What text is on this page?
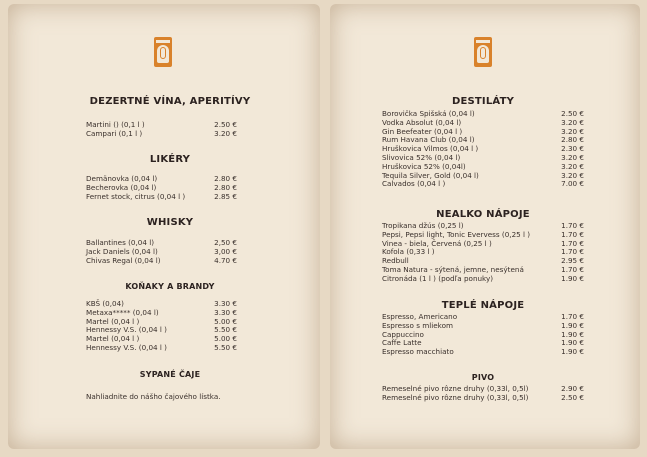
DEZERTNÉ VÍNA, APERITÍVY
Martini () (0,1 l )	2.50 €
Campari (0,1 l )	3.20 €
LIKÉRY
Demänovka (0,04 l)	2.80 €
Becherovka (0,04 l)	2.80 €
Fernet stock, citrus (0,04 l )	2.85 €
WHISKY
Ballantines (0,04 l)	2,50 €
Jack Daniels (0,04 l)	3,00 €
Chivas Regal (0,04 l)	4.70 €
KOŇAKY A BRANDY
KBŠ (0,04)	3.30 €
Metaxa***** (0,04 l)	3.30 €
Martel (0,04 l )	5.00 €
Hennessy V.S. (0,04 l )	5.50 €
Martel (0,04 l )	5.00 €
Hennessy V.S. (0,04 l )	5.50 €
SYPANÉ ČAJE
Nahliadnite do nášho čajového lístka.
DESTILÁTY
Borovička Spišská (0,04 l)	2.50 €
Vodka Absolut (0,04 l)	3.20 €
Gin Beefeater (0,04 l )	3.20 €
Rum Havana Club (0,04 l)	2.80 €
Hruškovica Vilmos (0,04 l )	2.30 €
Slivovica 52% (0,04 l)	3.20 €
Hruškovica 52% (0,04l)	3.20 €
Tequila Silver, Gold (0,04 l)	3.20 €
Calvados (0,04 l )	7.00 €
NEALKO NÁPOJE
Tropikana džús (0,25 l)	1.70 €
Pepsi, Pepsi light, Tonic Evervess (0,25 l )	1.70 €
Vinea - biela, Červená (0,25 l )	1.70 €
Kofola (0,33 l )	1.70 €
Redbull	2.95 €
Toma Natura - sýtená, jemne, nesýtená	1.70 €
Citronáda (1 l ) (podľa ponuky)	1.90 €
TEPLÉ NÁPOJE
Espresso, Americano	1.70 €
Espresso s mliekom	1.90 €
Cappuccino	1.90 €
Caffe Latte	1.90 €
Espresso macchiato	1.90 €
PIVO
Remeselné pivo rôzne druhy (0,33l, 0,5l)	2.90 €
Remeselné pivo rôzne druhy (0,33l, 0,5l)	2.50 €
